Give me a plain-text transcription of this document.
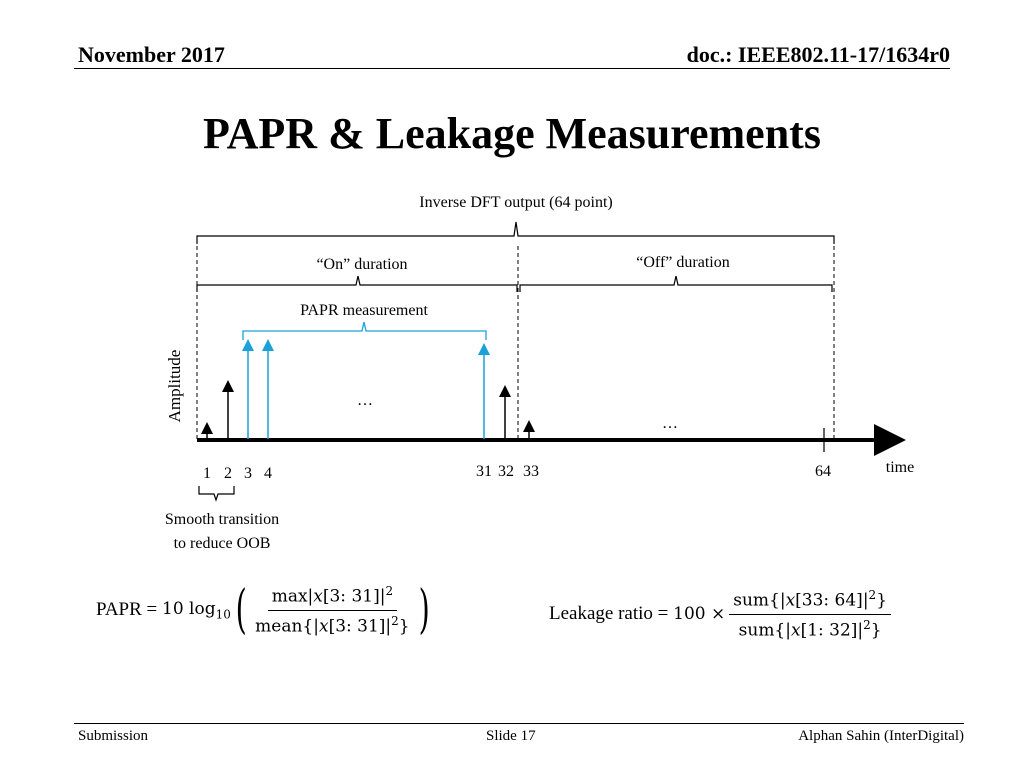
November 2017	doc.: IEEE802.11-17/1634r0
PAPR & Leakage Measurements
Inverse DFT output (64 point)
“On” duration	“Off” duration
PAPR measurement
Amplitude
time
…
…
1 2 3 4	31 32 33	64
Smooth transition
to reduce OOB
PAPR = 10 $\log_{10}$ ( $\frac{\max|𝑥[3: 31]|^2}{mean\{|𝑥[3: 31]|^2\}}$ )	Leakage ratio = $100 \times \frac{sum\{|𝑥[33: 64]|^2\}}{sum\{|𝑥[1: 32]|^2\}}$
Submission	Slide 17	Alphan Sahin (InterDigital)
